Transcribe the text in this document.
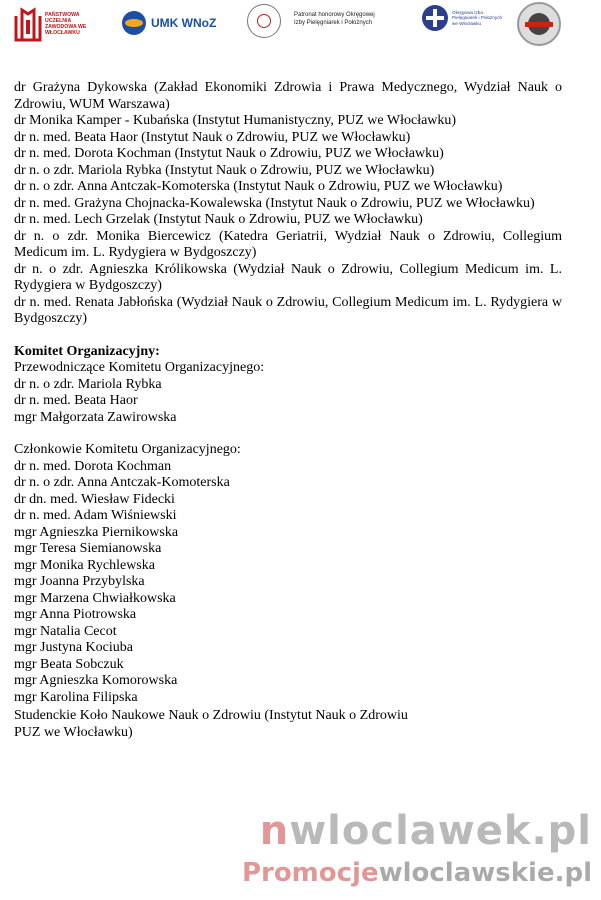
PAŃSTWOWA UCZELNIA ZAWODOWA WE WŁOCŁAWKU
UMK WNoZ
Patronat honorowy Okręgowej Izby Pielęgniarek i Położnych
Okręgowa Izba Pielęgniarek i Położnych we Włocławku

dr Grażyna Dykowska (Zakład Ekonomiki Zdrowia i Prawa Medycznego, Wydział Nauk o Zdrowiu, WUM Warszawa)

dr Monika Kamper - Kubańska (Instytut Humanistyczny, PUZ we Włocławku)

dr n. med. Beata Haor (Instytut Nauk o Zdrowiu, PUZ we Włocławku)

dr n. med. Dorota Kochman (Instytut Nauk o Zdrowiu, PUZ we Włocławku)

dr n. o zdr. Mariola Rybka (Instytut Nauk o Zdrowiu, PUZ we Włocławku)

dr n. o zdr. Anna Antczak-Komoterska (Instytut Nauk o Zdrowiu, PUZ we Włocławku)

dr n. med. Grażyna Chojnacka-Kowalewska (Instytut Nauk o Zdrowiu, PUZ we Włocławku)

dr n. med. Lech Grzelak (Instytut Nauk o Zdrowiu, PUZ we Włocławku)

dr n. o zdr. Monika Biercewicz (Katedra Geriatrii, Wydział Nauk o Zdrowiu, Collegium Medicum im. L. Rydygiera w Bydgoszczy)

dr n. o zdr. Agnieszka Królikowska (Wydział Nauk o Zdrowiu, Collegium Medicum im. L. Rydygiera w Bydgoszczy)

dr n. med. Renata Jabłońska (Wydział Nauk o Zdrowiu, Collegium Medicum im. L. Rydygiera w Bydgoszczy)

Komitet Organizacyjny:

Przewodniczące Komitetu Organizacyjnego:

dr n. o zdr. Mariola Rybka

dr n. med. Beata Haor

mgr Małgorzata Zawirowska

Członkowie Komitetu Organizacyjnego:

dr n. med. Dorota Kochman

dr n. o zdr. Anna Antczak-Komoterska

dr dn. med. Wiesław Fidecki

dr n. med. Adam Wiśniewski

mgr Agnieszka Piernikowska

mgr Teresa Siemianowska

mgr Monika Rychlewska

mgr Joanna Przybylska

mgr Marzena Chwiałkowska

mgr Anna Piotrowska

mgr Natalia Cecot

mgr Justyna Kociuba

mgr Beata Sobczuk

mgr Agnieszka Komorowska

mgr Karolina Filipska

Studenckie Koło Naukowe Nauk o Zdrowiu (Instytut Nauk o Zdrowiu

PUZ we Włocławku)

nwloclawek.pl
Promocjewloclawskie.pl
